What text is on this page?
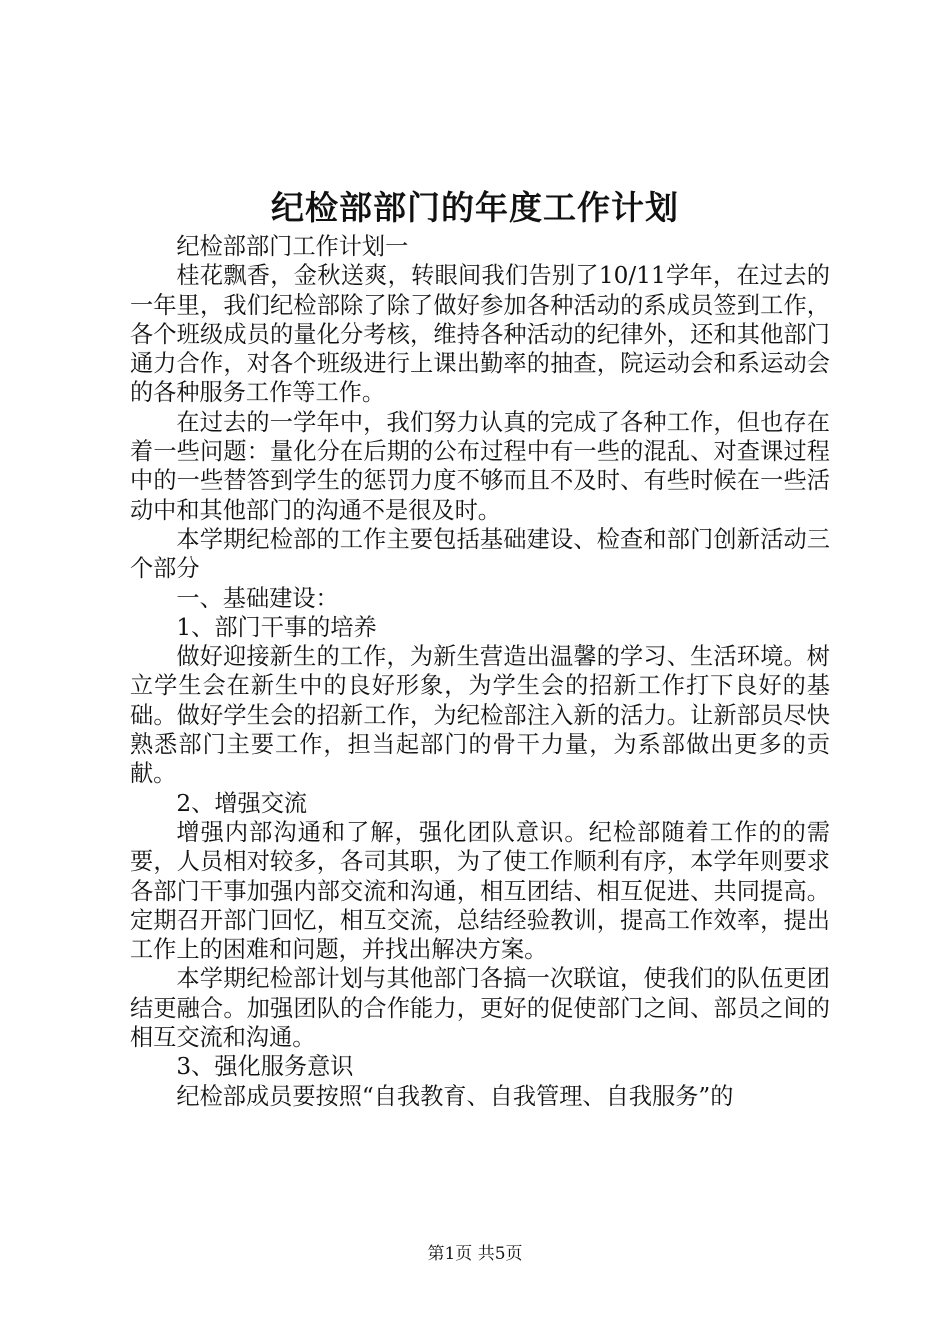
纪检部部门的年度工作计划

纪检部部门工作计划一

桂花飘香，金秋送爽，转眼间我们告别了10/11学年，在过去的一年里，我们纪检部除了除了做好参加各种活动的系成员签到工作，各个班级成员的量化分考核，维持各种活动的纪律外，还和其他部门通力合作，对各个班级进行上课出勤率的抽查，院运动会和系运动会的各种服务工作等工作。

在过去的一学年中，我们努力认真的完成了各种工作，但也存在着一些问题：量化分在后期的公布过程中有一些的混乱、对查课过程中的一些替答到学生的惩罚力度不够而且不及时、有些时候在一些活动中和其他部门的沟通不是很及时。

本学期纪检部的工作主要包括基础建设、检查和部门创新活动三个部分

一、基础建设：

1、部门干事的培养

做好迎接新生的工作，为新生营造出温馨的学习、生活环境。树立学生会在新生中的良好形象，为学生会的招新工作打下良好的基础。做好学生会的招新工作，为纪检部注入新的活力。让新部员尽快熟悉部门主要工作，担当起部门的骨干力量，为系部做出更多的贡献。

2、增强交流

增强内部沟通和了解，强化团队意识。纪检部随着工作的的需要，人员相对较多，各司其职，为了使工作顺利有序，本学年则要求各部门干事加强内部交流和沟通，相互团结、相互促进、共同提高。定期召开部门回忆，相互交流，总结经验教训，提高工作效率，提出工作上的困难和问题，并找出解决方案。

本学期纪检部计划与其他部门各搞一次联谊，使我们的队伍更团结更融合。加强团队的合作能力，更好的促使部门之间、部员之间的相互交流和沟通。

3、强化服务意识

纪检部成员要按照“自我教育、自我管理、自我服务”的

第1页 共5页
